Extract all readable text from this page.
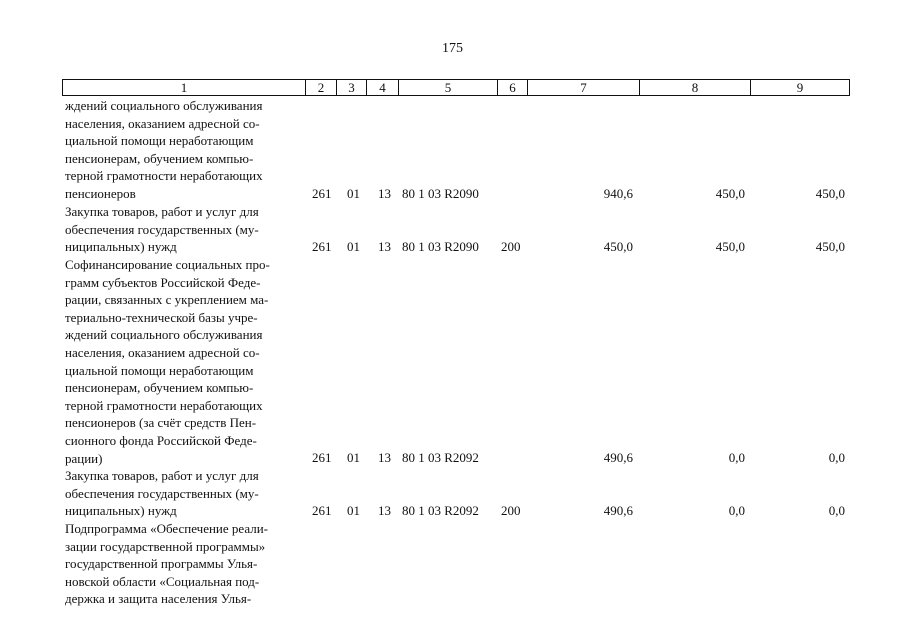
175
1	2	3	4	5	6	7	8	9
ждений социального обслуживания
населения, оказанием адресной со-
циальной помощи неработающим
пенсионерам, обучением компью-
терной грамотности неработающих
пенсионеров	261 01 13 80 1 03 R2090	940,6	450,0	450,0
Закупка товаров, работ и услуг для
обеспечения государственных (му-
ниципальных) нужд	261 01 13 80 1 03 R2090 200	450,0	450,0	450,0
Софинансирование социальных про-
грамм субъектов Российской Феде-
рации, связанных с укреплением ма-
териально-технической базы учре-
ждений социального обслуживания
населения, оказанием адресной со-
циальной помощи неработающим
пенсионерам, обучением компью-
терной грамотности неработающих
пенсионеров (за счёт средств Пен-
сионного фонда Российской Феде-
рации)	261 01 13 80 1 03 R2092	490,6	0,0	0,0
Закупка товаров, работ и услуг для
обеспечения государственных (му-
ниципальных) нужд	261 01 13 80 1 03 R2092 200	490,6	0,0	0,0
Подпрограмма «Обеспечение реали-
зации государственной программы»
государственной программы Улья-
новской области «Социальная под-
держка и защита населения Улья-
